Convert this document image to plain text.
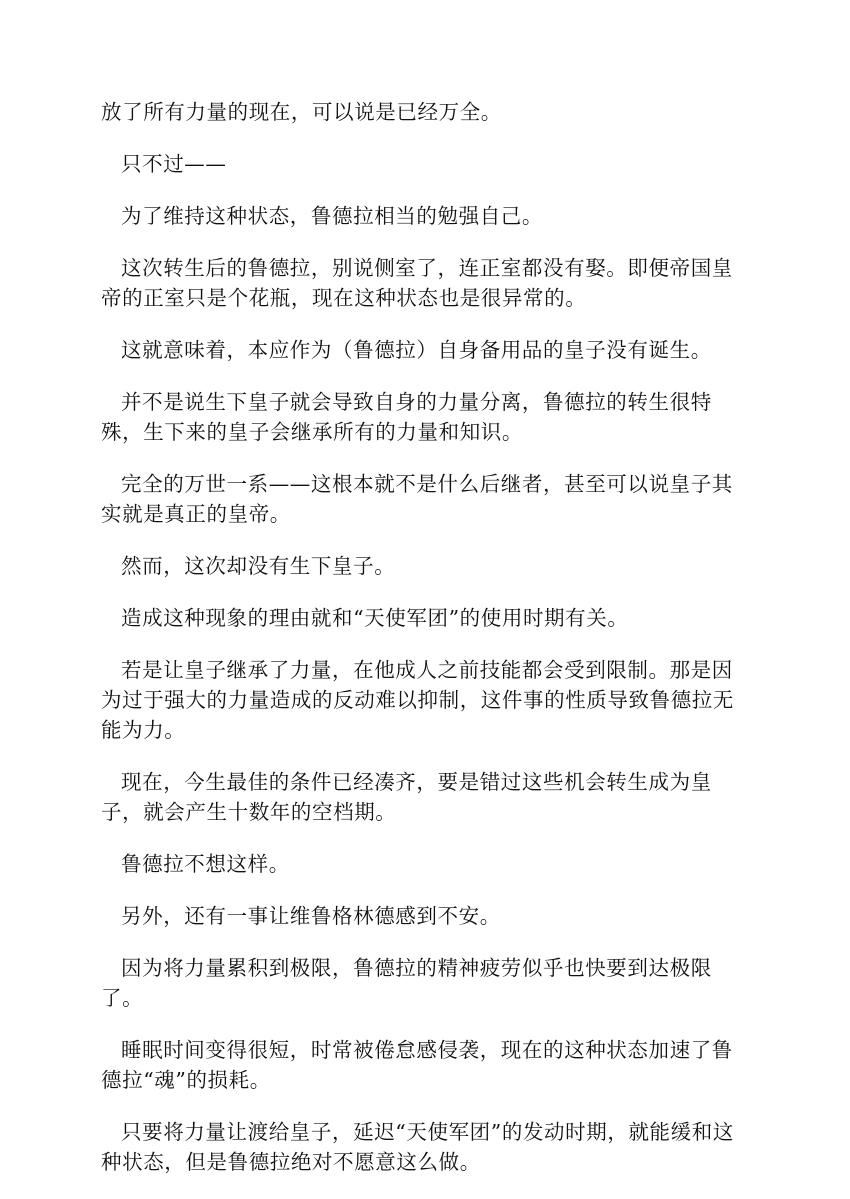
放了所有力量的现在，可以说是已经万全。

只不过——

为了维持这种状态，鲁德拉相当的勉强自己。

这次转生后的鲁德拉，别说侧室了，连正室都没有娶。即便帝国皇帝的正室只是个花瓶，现在这种状态也是很异常的。

这就意味着，本应作为（鲁德拉）自身备用品的皇子没有诞生。

并不是说生下皇子就会导致自身的力量分离，鲁德拉的转生很特殊，生下来的皇子会继承所有的力量和知识。

完全的万世一系——这根本就不是什么后继者，甚至可以说皇子其实就是真正的皇帝。

然而，这次却没有生下皇子。

造成这种现象的理由就和“天使军团”的使用时期有关。

若是让皇子继承了力量，在他成人之前技能都会受到限制。那是因为过于强大的力量造成的反动难以抑制，这件事的性质导致鲁德拉无能为力。

现在，今生最佳的条件已经凑齐，要是错过这些机会转生成为皇子，就会产生十数年的空档期。

鲁德拉不想这样。

另外，还有一事让维鲁格林德感到不安。

因为将力量累积到极限，鲁德拉的精神疲劳似乎也快要到达极限了。

睡眠时间变得很短，时常被倦怠感侵袭，现在的这种状态加速了鲁德拉“魂”的损耗。

只要将力量让渡给皇子，延迟“天使军团”的发动时期，就能缓和这种状态，但是鲁德拉绝对不愿意这么做。
